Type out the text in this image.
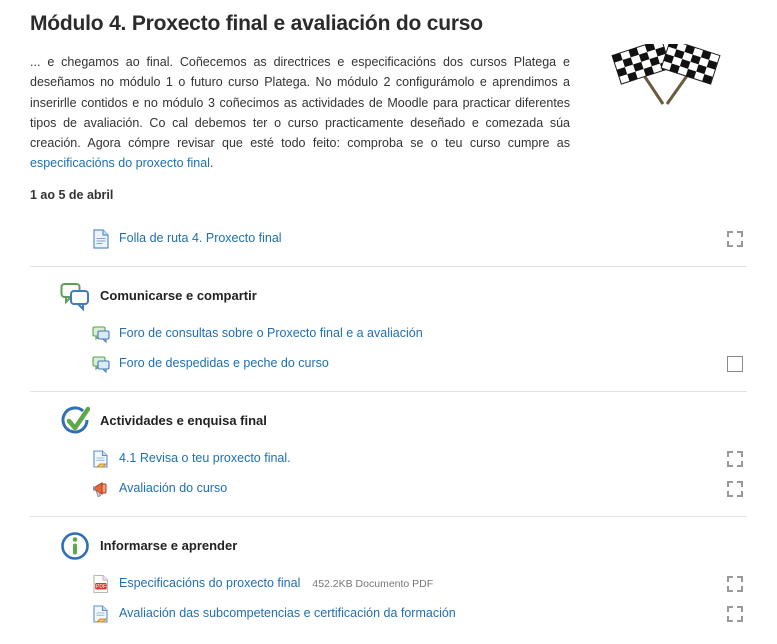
Módulo 4. Proxecto final e avaliación do curso

... e chegamos ao final. Coñecemos as directrices e especificacións dos cursos Platega e deseñamos no módulo 1 o futuro curso Platega. No módulo 2 configurámolo e aprendimos a inserirlle contidos e no módulo 3 coñecimos as actividades de Moodle para practicar diferentes tipos de avaliación. Co cal debemos ter o curso practicamente deseñado e comezada súa creación. Agora cómpre revisar que esté todo feito: comproba se o teu curso cumpre as especificacións do proxecto final.

1 ao 5 de abril
Folla de ruta 4. Proxecto final
Comunicarse e compartir
Foro de consultas sobre o Proxecto final e a avaliación
Foro de despedidas e peche do curso
Actividades e enquisa final
4.1 Revisa o teu proxecto final.
Avaliación do curso
Informarse e aprender
PDF Especificacións do proxecto final 452.2KB Documento PDF
Avaliación das subcompetencias e certificación da formación
